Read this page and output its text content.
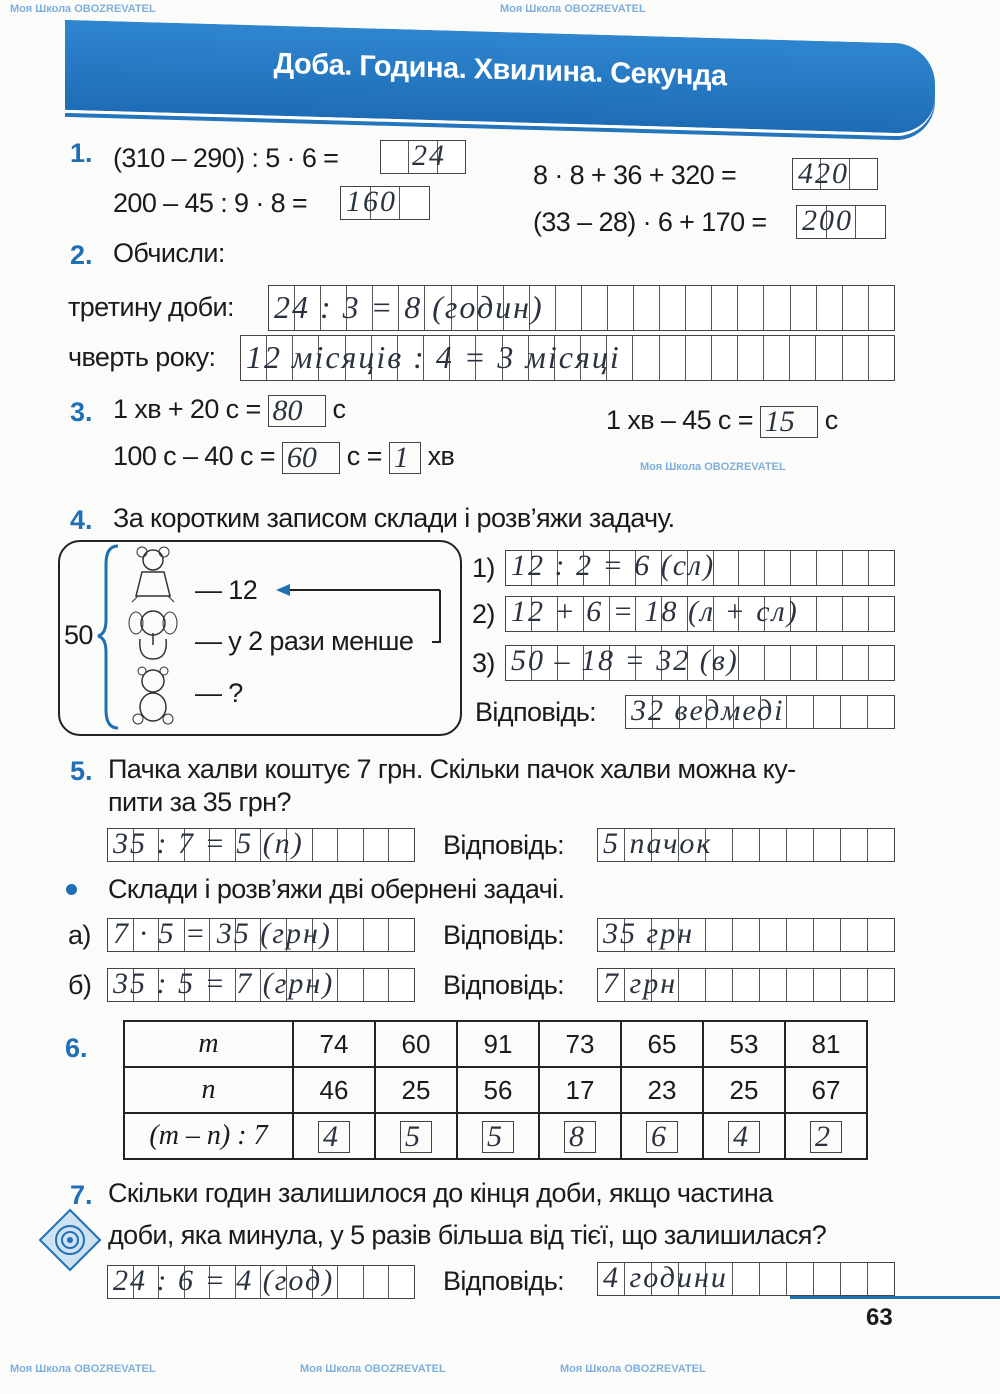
Моя Школа OBOZREVATEL	Моя Школа OBOZREVATEL
Моя Школа OBOZREVATEL
Моя Школа OBOZREVATEL	Моя Школа OBOZREVATEL	Моя Школа OBOZREVATEL
Доба. Година. Хвилина. Секунда
1. (310 – 290) : 5 · 6 = 24
200 – 45 : 9 · 8 = 160
8 · 8 + 36 + 320 = 420
(33 – 28) · 6 + 170 = 200
2. Обчисли:
третину доби: 24 : 3 = 8 (годин)
чверть року: 12 місяців : 4 = 3 місяці
3. 1 хв + 20 с = 80 с	1 хв – 45 с = 15 с
100 с – 40 с = 60 с = 1 хв
4. За коротким записом склади і розв’яжи задачу.
50
— 12
— у 2 рази менше
— ?
1) 12 : 2 = 6 (сл)
2) 12 + 6 = 18 (л + сл)
3) 50 – 18 = 32 (в)
Відповідь: 32 ведмеді
5. Пачка халви коштує 7 грн. Скільки пачок халви можна ку-
пити за 35 грн?
35 : 7 = 5 (п)	Відповідь: 5 пачок
Склади і розв’яжи дві обернені задачі.
а) 7 · 5 = 35 (грн)	Відповідь: 35 грн
б) 35 : 5 = 7 (грн)	Відповідь: 7 грн
6.	m	74	60	91	73	65	53	81
n	46	25	56	17	23	25	67
(m – n) : 7	4	5	5	8	6	4	2
7. Скільки годин залишилося до кінця доби, якщо частина
доби, яка минула, у 5 разів більша від тієї, що залишилася?
24 : 6 = 4 (год)	Відповідь: 4 години
63
